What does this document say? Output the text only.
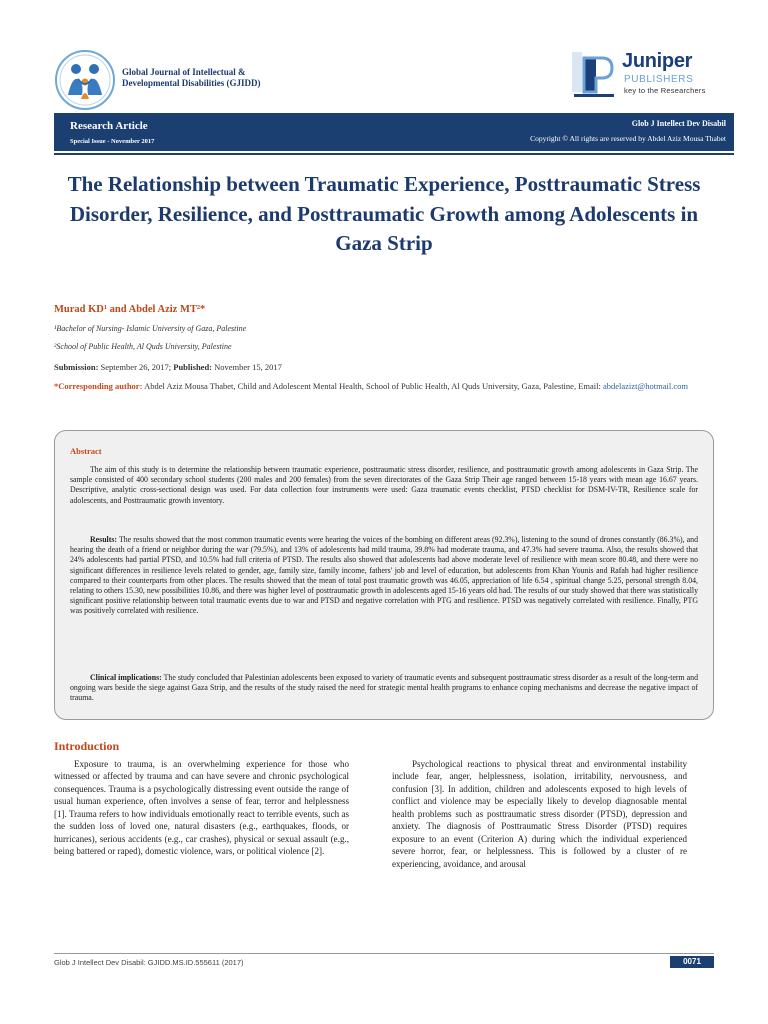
Global Journal of Intellectual &
Developmental Disabilities (GJIDD)
Juniper
PUBLISHERS
key to the Researchers
Research Article
Special Issue - November 2017
Glob J Intellect Dev Disabil
Copyright © All rights are reserved by Abdel Aziz Mousa Thabet
The Relationship between Traumatic Experience, Posttraumatic Stress Disorder, Resilience, and Posttraumatic Growth among Adolescents in Gaza Strip
Murad KD¹ and Abdel Aziz MT²*
¹Bachelor of Nursing- Islamic University of Gaza, Palestine
²School of Public Health, Al Quds University, Palestine
Submission: September 26, 2017; Published: November 15, 2017
*Corresponding author: Abdel Aziz Mousa Thabet, Child and Adolescent Mental Health, School of Public Health, Al Quds University, Gaza, Palestine, Email: abdelazizt@hotmail.com
Abstract
The aim of this study is to determine the relationship between traumatic experience, posttraumatic stress disorder, resilience, and posttraumatic growth among adolescents in Gaza Strip. The sample consisted of 400 secondary school students (200 males and 200 females) from the seven directorates of the Gaza Strip Their age ranged between 15-18 years with mean age 16.67 years. Descriptive, analytic cross-sectional design was used. For data collection four instruments were used: Gaza traumatic events checklist, PTSD checklist for DSM-IV-TR, Resilience scale for adolescents, and Posttraumatic growth inventory.
Results: The results showed that the most common traumatic events were hearing the voices of the bombing on different areas (92.3%), listening to the sound of drones constantly (86.3%), and hearing the death of a friend or neighbor during the war (79.5%), and 13% of adolescents had mild trauma, 39.8% had moderate trauma, and 47.3% had severe trauma. Also, the results showed that 24% adolescents had partial PTSD, and 10.5% had full criteria of PTSD. The results also showed that adolescents had above moderate level of resilience with mean score 80.48, and there were no significant differences in resilience levels related to gender, age, family size, family income, fathers' job and level of education, but adolescents from Khan Younis and Rafah had higher resilience compared to their counterparts from other places. The results showed that the mean of total post traumatic growth was 46.05, appreciation of life 6.54 , spiritual change 5.25, personal strength 8.04, relating to others 15.30, new possibilities 10.86, and there was higher level of posttraumatic growth in adolescents aged 15-16 years old had. The results of our study showed that there was statistically significant positive relationship between total traumatic events due to war and PTSD and negative correlation with PTG and resilience. PTSD was negatively correlated with resilience. Finally, PTG was positively correlated with resilience.
Clinical implications: The study concluded that Palestinian adolescents been exposed to variety of traumatic events and subsequent posttraumatic stress disorder as a result of the long-term and ongoing wars beside the siege against Gaza Strip, and the results of the study raised the need for strategic mental health programs to enhance coping mechanisms and decrease the negative impact of trauma.
Introduction
Exposure to trauma, is an overwhelming experience for those who witnessed or affected by trauma and can have severe and chronic psychological consequences. Trauma is a psychologically distressing event outside the range of usual human experience, often involves a sense of fear, terror and helplessness [1]. Trauma refers to how individuals emotionally react to terrible events, such as the sudden loss of loved one, natural disasters (e.g., earthquakes, floods, or hurricanes), serious accidents (e.g., car crashes), physical or sexual assault (e.g., being battered or raped), domestic violence, wars, or political violence [2].
Psychological reactions to physical threat and environmental instability include fear, anger, helplessness, isolation, irritability, nervousness, and confusion [3]. In addition, children and adolescents exposed to high levels of conflict and violence may be especially likely to develop diagnosable mental health problems such as posttraumatic stress disorder (PTSD), depression and anxiety. The diagnosis of Posttraumatic Stress Disorder (PTSD) requires exposure to an event (Criterion A) during which the individual experienced severe horror, fear, or helplessness. This is followed by a cluster of re experiencing, avoidance, and arousal
Glob J Intellect Dev Disabil: GJIDD.MS.ID.555611 (2017)	0071
